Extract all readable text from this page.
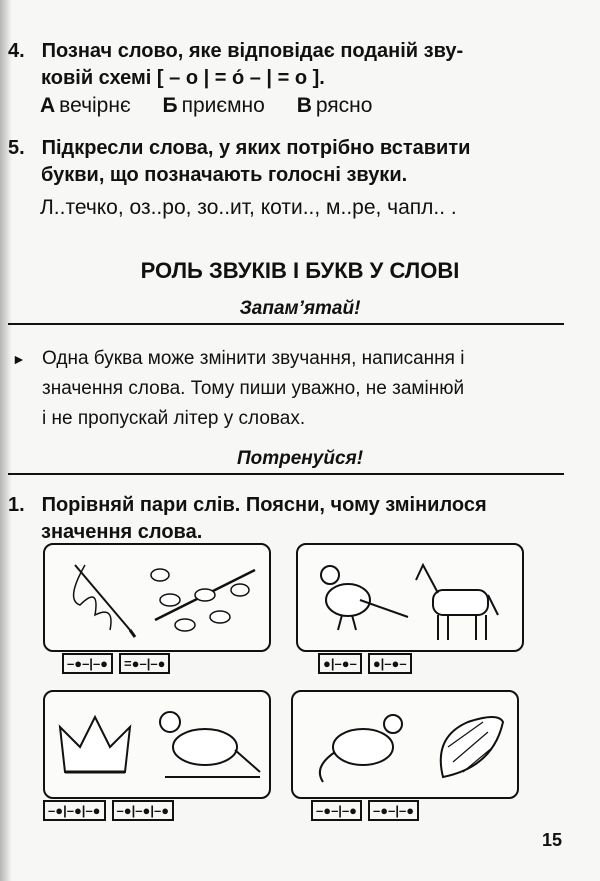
4. Познач слово, яке відповідає поданій зву-
ковій схемі [ – о | = о́ – | = о ].
А вечірнє Б приємно В рясно
5. Підкресли слова, у яких потрібно вставити
букви, що позначають голосні звуки.
Л..течко, оз..ро, зо..ит, коти.., м..ре, чапл.. .
РОЛЬ ЗВУКІВ І БУКВ У СЛОВІ
Запам’ятай!
► Одна буква може змінити звучання, написання і
значення слова. Тому пиши уважно, не замінюй
і не пропускай літер у словах.
Потренуйся!
1. Порівняй пари слів. Поясни, чому змінилося
значення слова.
–●–|–●	=●–|–●	●|–●–	●|–●–
–●|–●|–●	–●|–●|–●	–●–|–●	–●–|–●
15
